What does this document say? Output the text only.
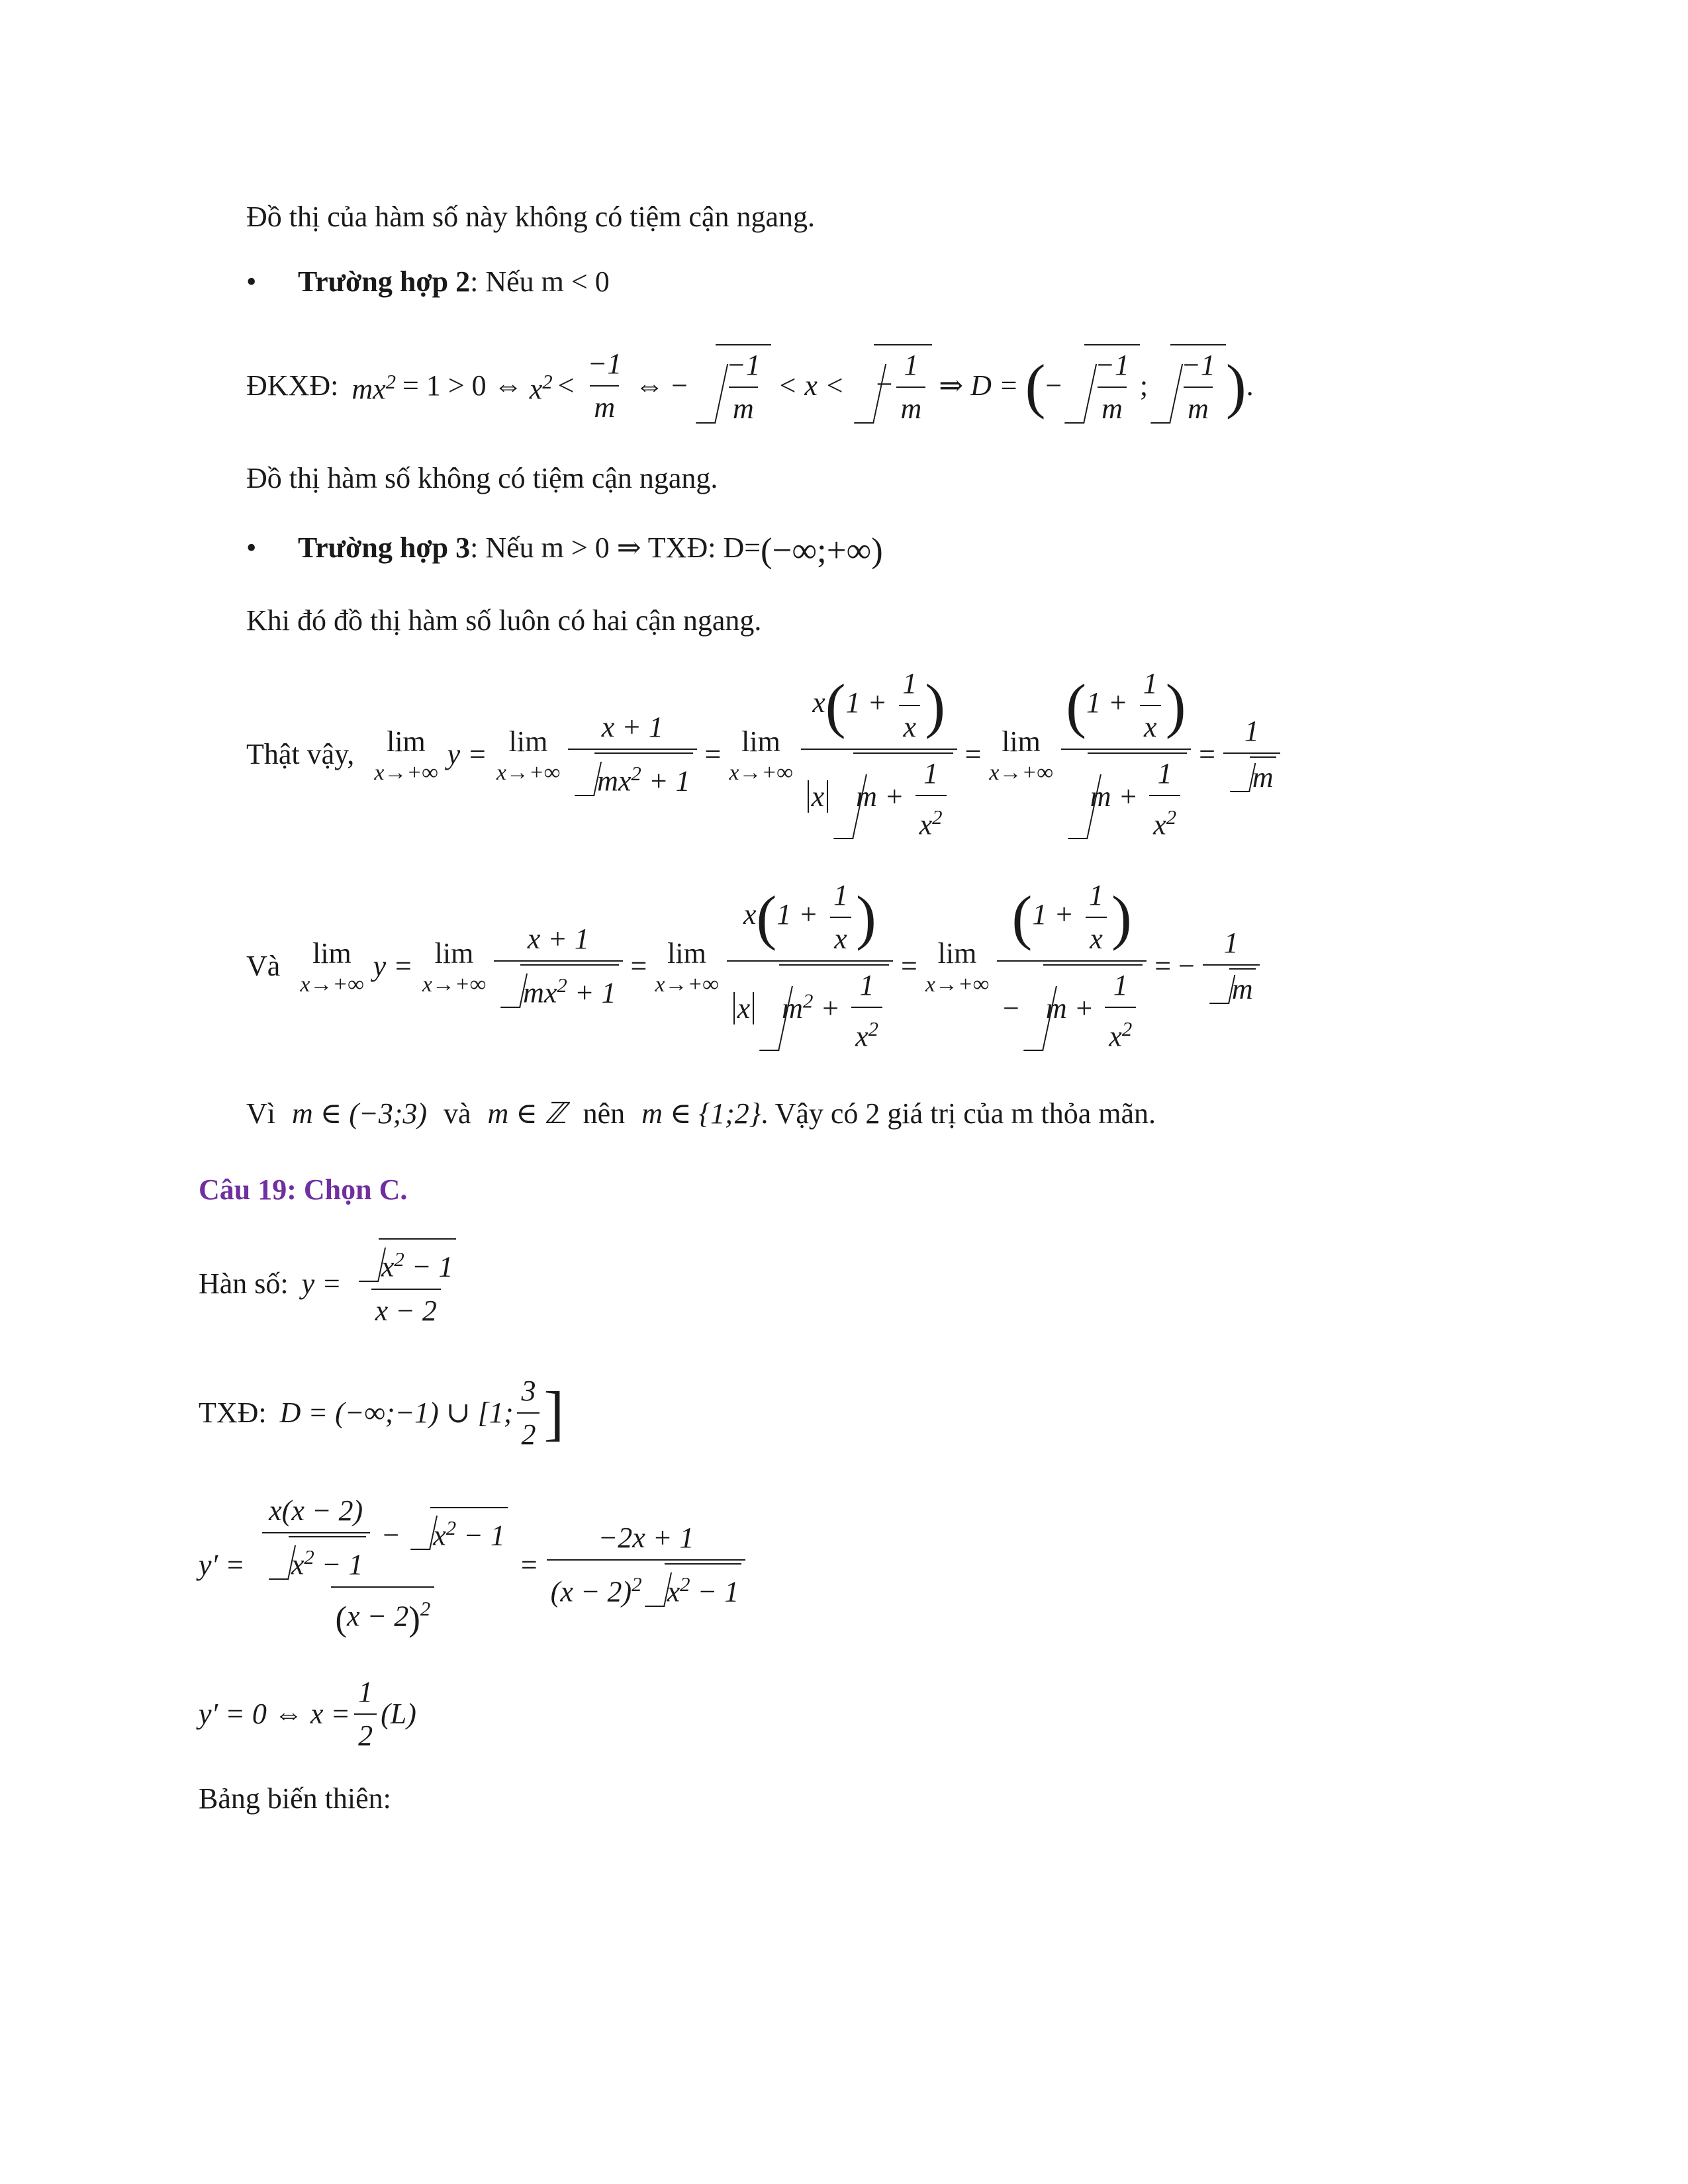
Đồ thị của hàm số này không có tiệm cận ngang.
• Trường hợp 2: Nếu m < 0
ĐKXĐ: $mx^2 = 1 > 0$ ⇔ $x^2 < \frac{-1}{m}$ ⇔ − $\frac{-1}{m} < x$ <	− $\frac{1}{m}$ ⇒ D = ( − $\frac{-1}{m}$ ; $\frac{-1}{m}$ ) .
Đồ thị hàm số không có tiệm cận ngang.
• Trường hợp 3: Nếu m > 0 ⇒ TXĐ: D=(−∞;+∞)
Khi đó đồ thị hàm số luôn có hai cận ngang.
Thật vậy, lim
x→+∞
y = lim
$x\to+\infty \frac{x + 1}{mx^2 + 1} = \lim$
$x\to+\infty \frac{x(1 + \frac{1}{x} )}{x m + \frac{1}{x^2}} = \lim$
$x\to+\infty \frac{(1 + \frac{1}{x} )}{m + \frac{1}{x^2}} = \frac{1}{m}$
Và lim
x→+∞
y = lim
$x\to+\infty \frac{x + 1}{mx^2 + 1} = \lim$
$x\to+\infty \frac{x(1 + \frac{1}{x} )}{x m^2 + \frac{1}{x^2}} = \lim$
$x\to+\infty \frac{(1 + \frac{1}{x} )}{- m + \frac{1}{x^2}}$ = − $\frac{1}{m}$
Vì m ∈ (−3;3) và m ∈ ℤ nên m ∈ {1;2}. Vậy có 2 giá trị của m thỏa mãn.
Câu 19: Chọn C.
Hàn số: $y = \frac{x^2 - 1}{x - 2}$
TXĐ: D = (−∞;−1) ∪ [1; $\frac{3}{2}$ ]
$y' = \frac{\frac{x(x - 2)}{x^2 - 1} - x^2 - 1}{(x - 2)^2} = \frac{-2x + 1}{(x - 2)^2 x^2 - 1}$
y′ = 0 ⇔ $x = \frac{1}{2} (L)$
Bảng biến thiên:
